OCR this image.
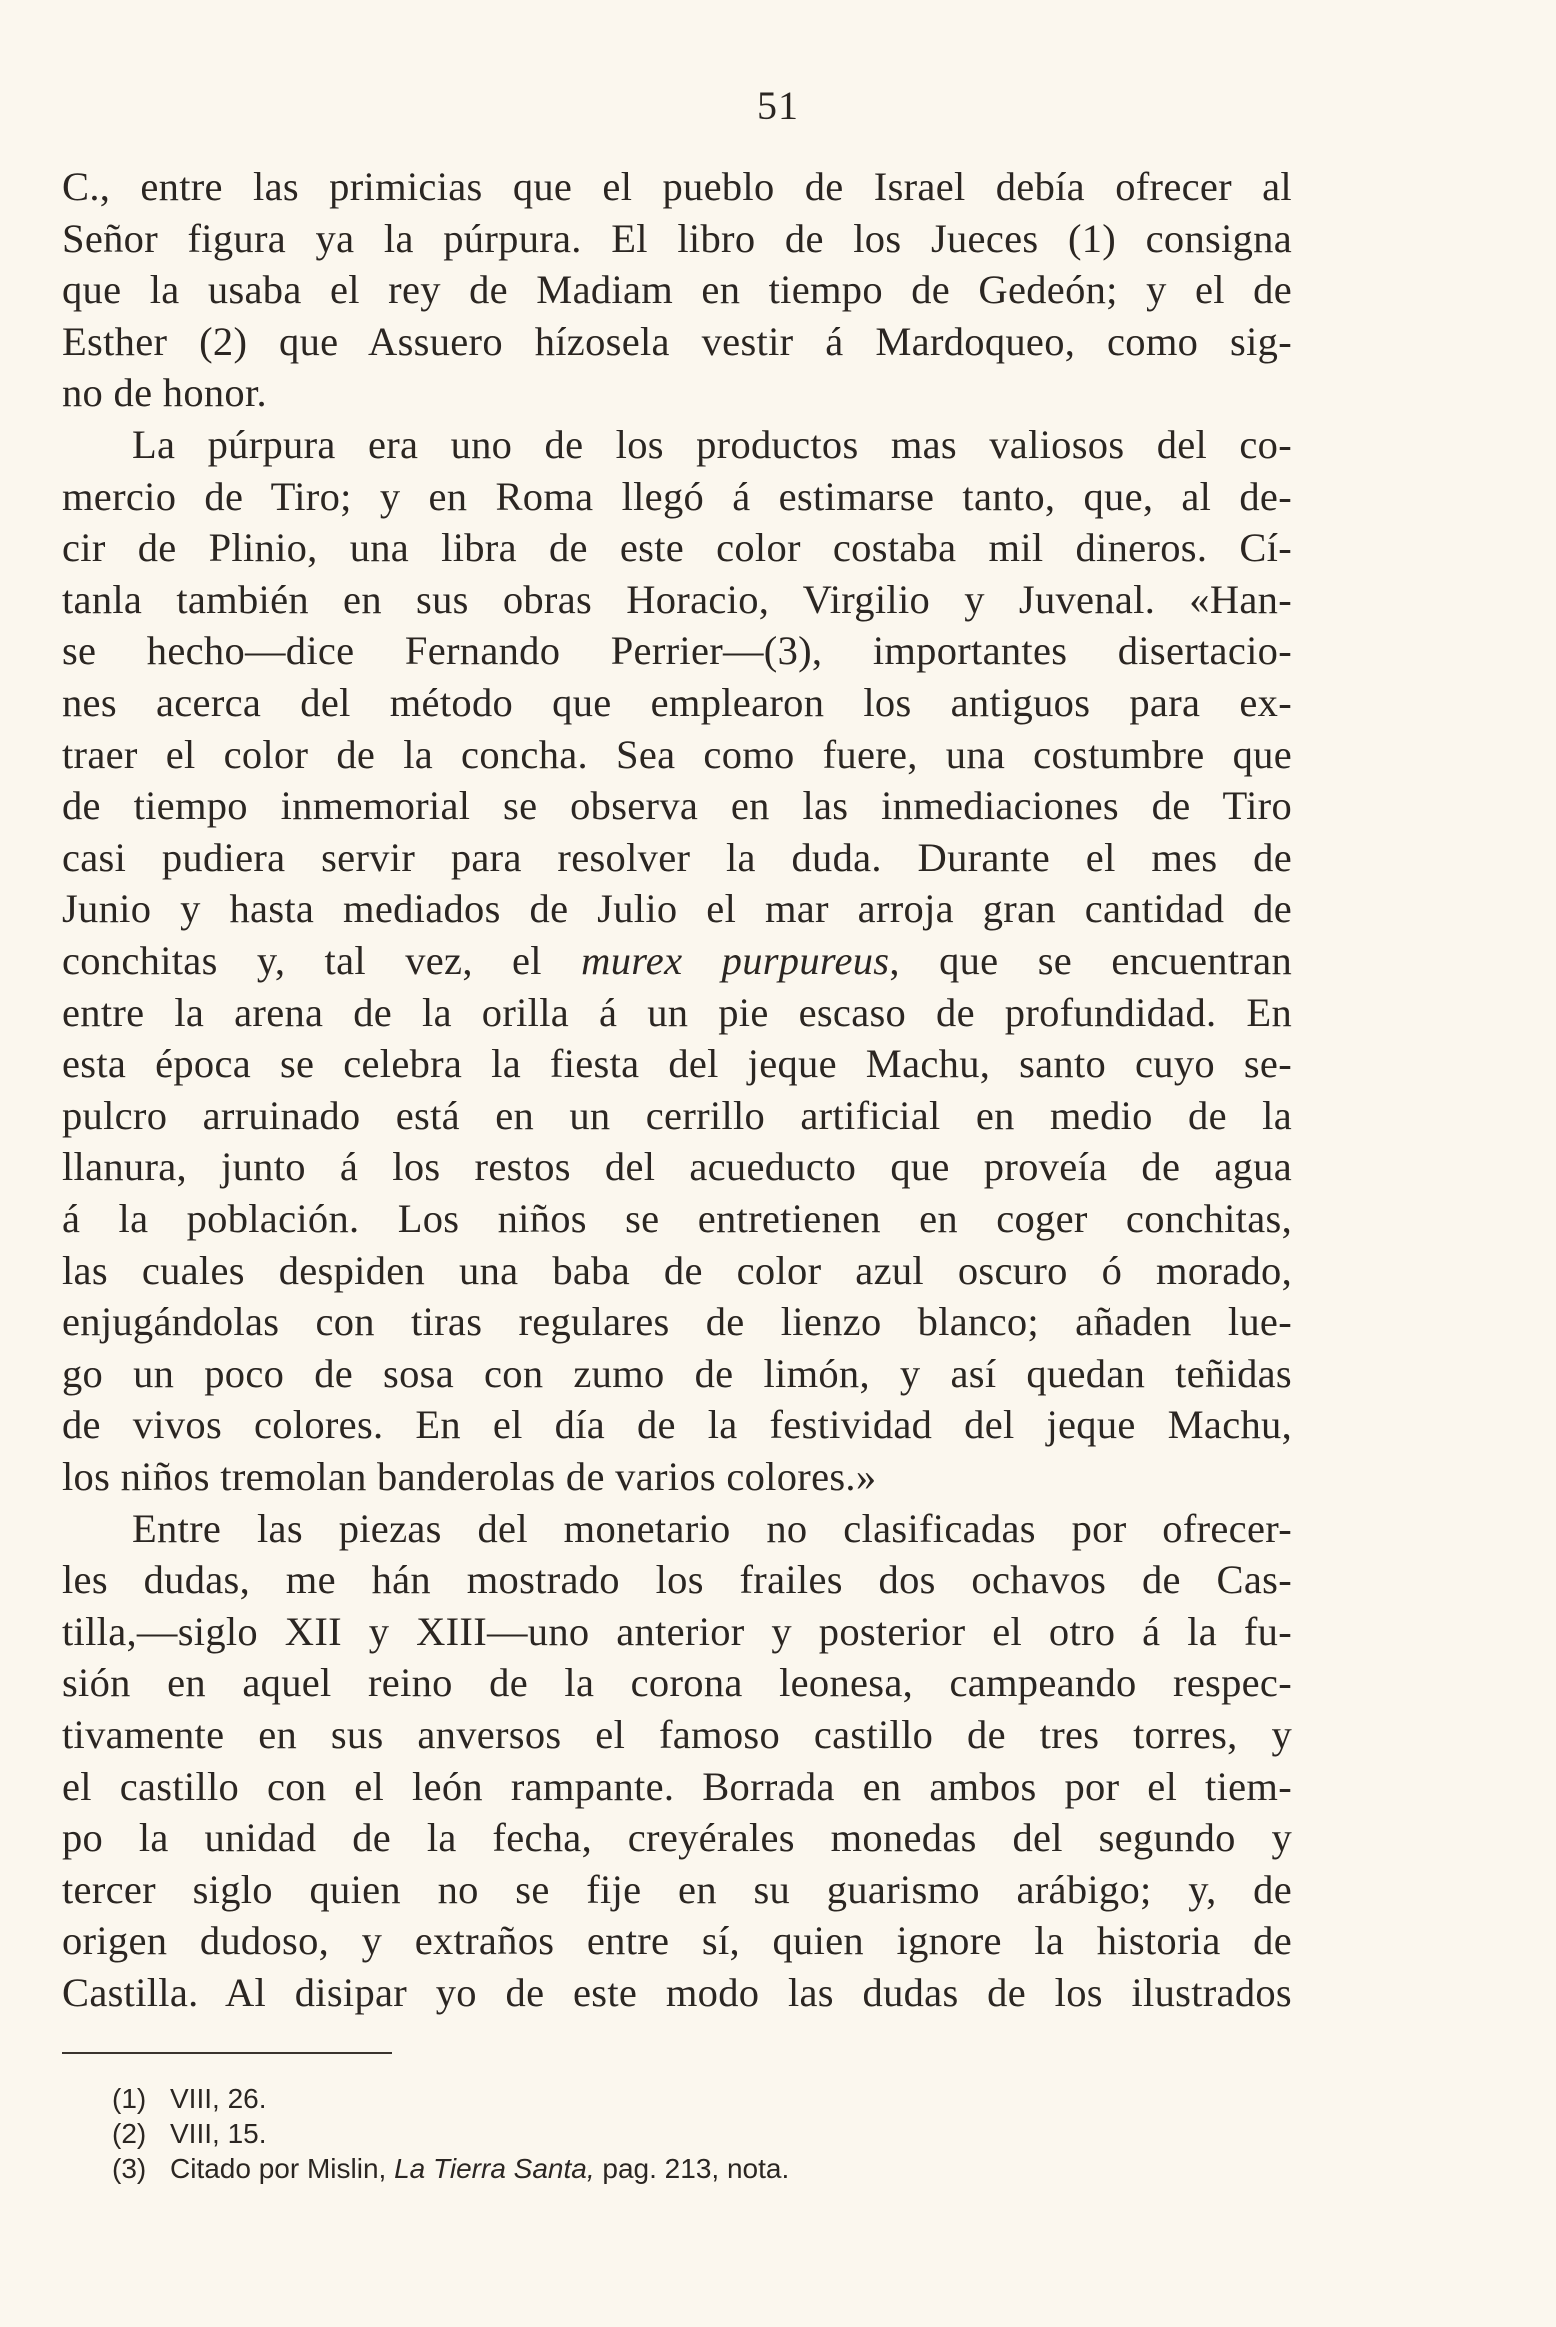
51
C., entre las primicias que el pueblo de Israel debía ofrecer al
Señor figura ya la púrpura. El libro de los Jueces (1) consigna
que la usaba el rey de Madiam en tiempo de Gedeón; y el de
Esther (2) que Assuero hízosela vestir á Mardoqueo, como sig-
no de honor.
La púrpura era uno de los productos mas valiosos del co-
mercio de Tiro; y en Roma llegó á estimarse tanto, que, al de-
cir de Plinio, una libra de este color costaba mil dineros. Cí-
tanla también en sus obras Horacio, Virgilio y Juvenal. «Han-
se hecho—dice Fernando Perrier—(3), importantes disertacio-
nes acerca del método que emplearon los antiguos para ex-
traer el color de la concha. Sea como fuere, una costumbre que
de tiempo inmemorial se observa en las inmediaciones de Tiro
casi pudiera servir para resolver la duda. Durante el mes de
Junio y hasta mediados de Julio el mar arroja gran cantidad de
conchitas y, tal vez, el murex purpureus, que se encuentran
entre la arena de la orilla á un pie escaso de profundidad. En
esta época se celebra la fiesta del jeque Machu, santo cuyo se-
pulcro arruinado está en un cerrillo artificial en medio de la
llanura, junto á los restos del acueducto que proveía de agua
á la población. Los niños se entretienen en coger conchitas,
las cuales despiden una baba de color azul oscuro ó morado,
enjugándolas con tiras regulares de lienzo blanco; añaden lue-
go un poco de sosa con zumo de limón, y así quedan teñidas
de vivos colores. En el día de la festividad del jeque Machu,
los niños tremolan banderolas de varios colores.»
Entre las piezas del monetario no clasificadas por ofrecer-
les dudas, me hán mostrado los frailes dos ochavos de Cas-
tilla,—siglo XII y XIII—uno anterior y posterior el otro á la fu-
sión en aquel reino de la corona leonesa, campeando respec-
tivamente en sus anversos el famoso castillo de tres torres, y
el castillo con el león rampante. Borrada en ambos por el tiem-
po la unidad de la fecha, creyérales monedas del segundo y
tercer siglo quien no se fije en su guarismo arábigo; y, de
origen dudoso, y extraños entre sí, quien ignore la historia de
Castilla. Al disipar yo de este modo las dudas de los ilustrados
(1) VIII, 26.
(2) VIII, 15.
(3) Citado por Mislin, La Tierra Santa, pag. 213, nota.
